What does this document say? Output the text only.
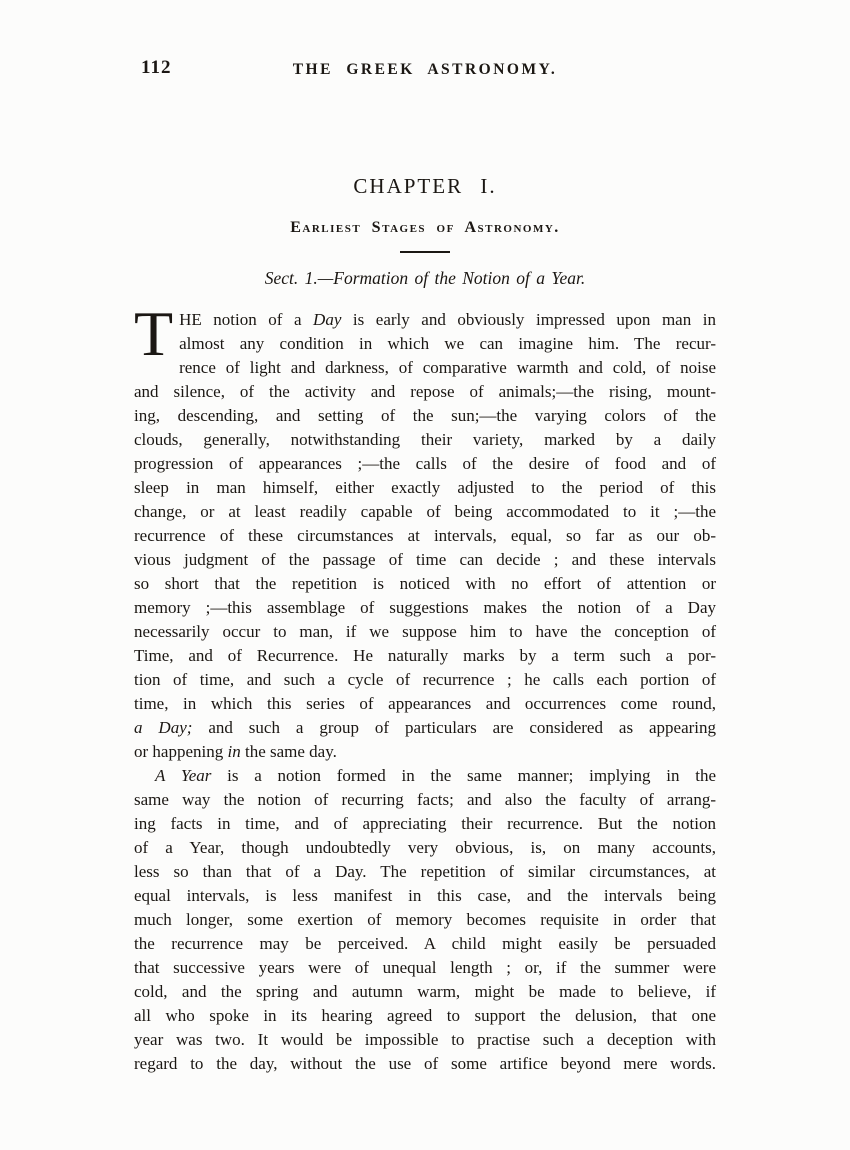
112	THE GREEK ASTRONOMY.
CHAPTER I.
Earliest Stages of Astronomy.
Sect. 1.—Formation of the Notion of a Year.
T HE notion of a Day is early and obviously impressed upon man in
almost any condition in which we can imagine him. The recur-
rence of light and darkness, of comparative warmth and cold, of noise
and silence, of the activity and repose of animals;—the rising, mount-
ing, descending, and setting of the sun;—the varying colors of the
clouds, generally, notwithstanding their variety, marked by a daily
progression of appearances ;—the calls of the desire of food and of
sleep in man himself, either exactly adjusted to the period of this
change, or at least readily capable of being accommodated to it ;—the
recurrence of these circumstances at intervals, equal, so far as our ob-
vious judgment of the passage of time can decide ; and these intervals
so short that the repetition is noticed with no effort of attention or
memory ;—this assemblage of suggestions makes the notion of a Day
necessarily occur to man, if we suppose him to have the conception of
Time, and of Recurrence. He naturally marks by a term such a por-
tion of time, and such a cycle of recurrence ; he calls each portion of
time, in which this series of appearances and occurrences come round,
a Day; and such a group of particulars are considered as appearing
or happening in the same day.
A Year is a notion formed in the same manner; implying in the
same way the notion of recurring facts; and also the faculty of arrang-
ing facts in time, and of appreciating their recurrence. But the notion
of a Year, though undoubtedly very obvious, is, on many accounts,
less so than that of a Day. The repetition of similar circumstances, at
equal intervals, is less manifest in this case, and the intervals being
much longer, some exertion of memory becomes requisite in order that
the recurrence may be perceived. A child might easily be persuaded
that successive years were of unequal length ; or, if the summer were
cold, and the spring and autumn warm, might be made to believe, if
all who spoke in its hearing agreed to support the delusion, that one
year was two. It would be impossible to practise such a deception with
regard to the day, without the use of some artifice beyond mere words.
